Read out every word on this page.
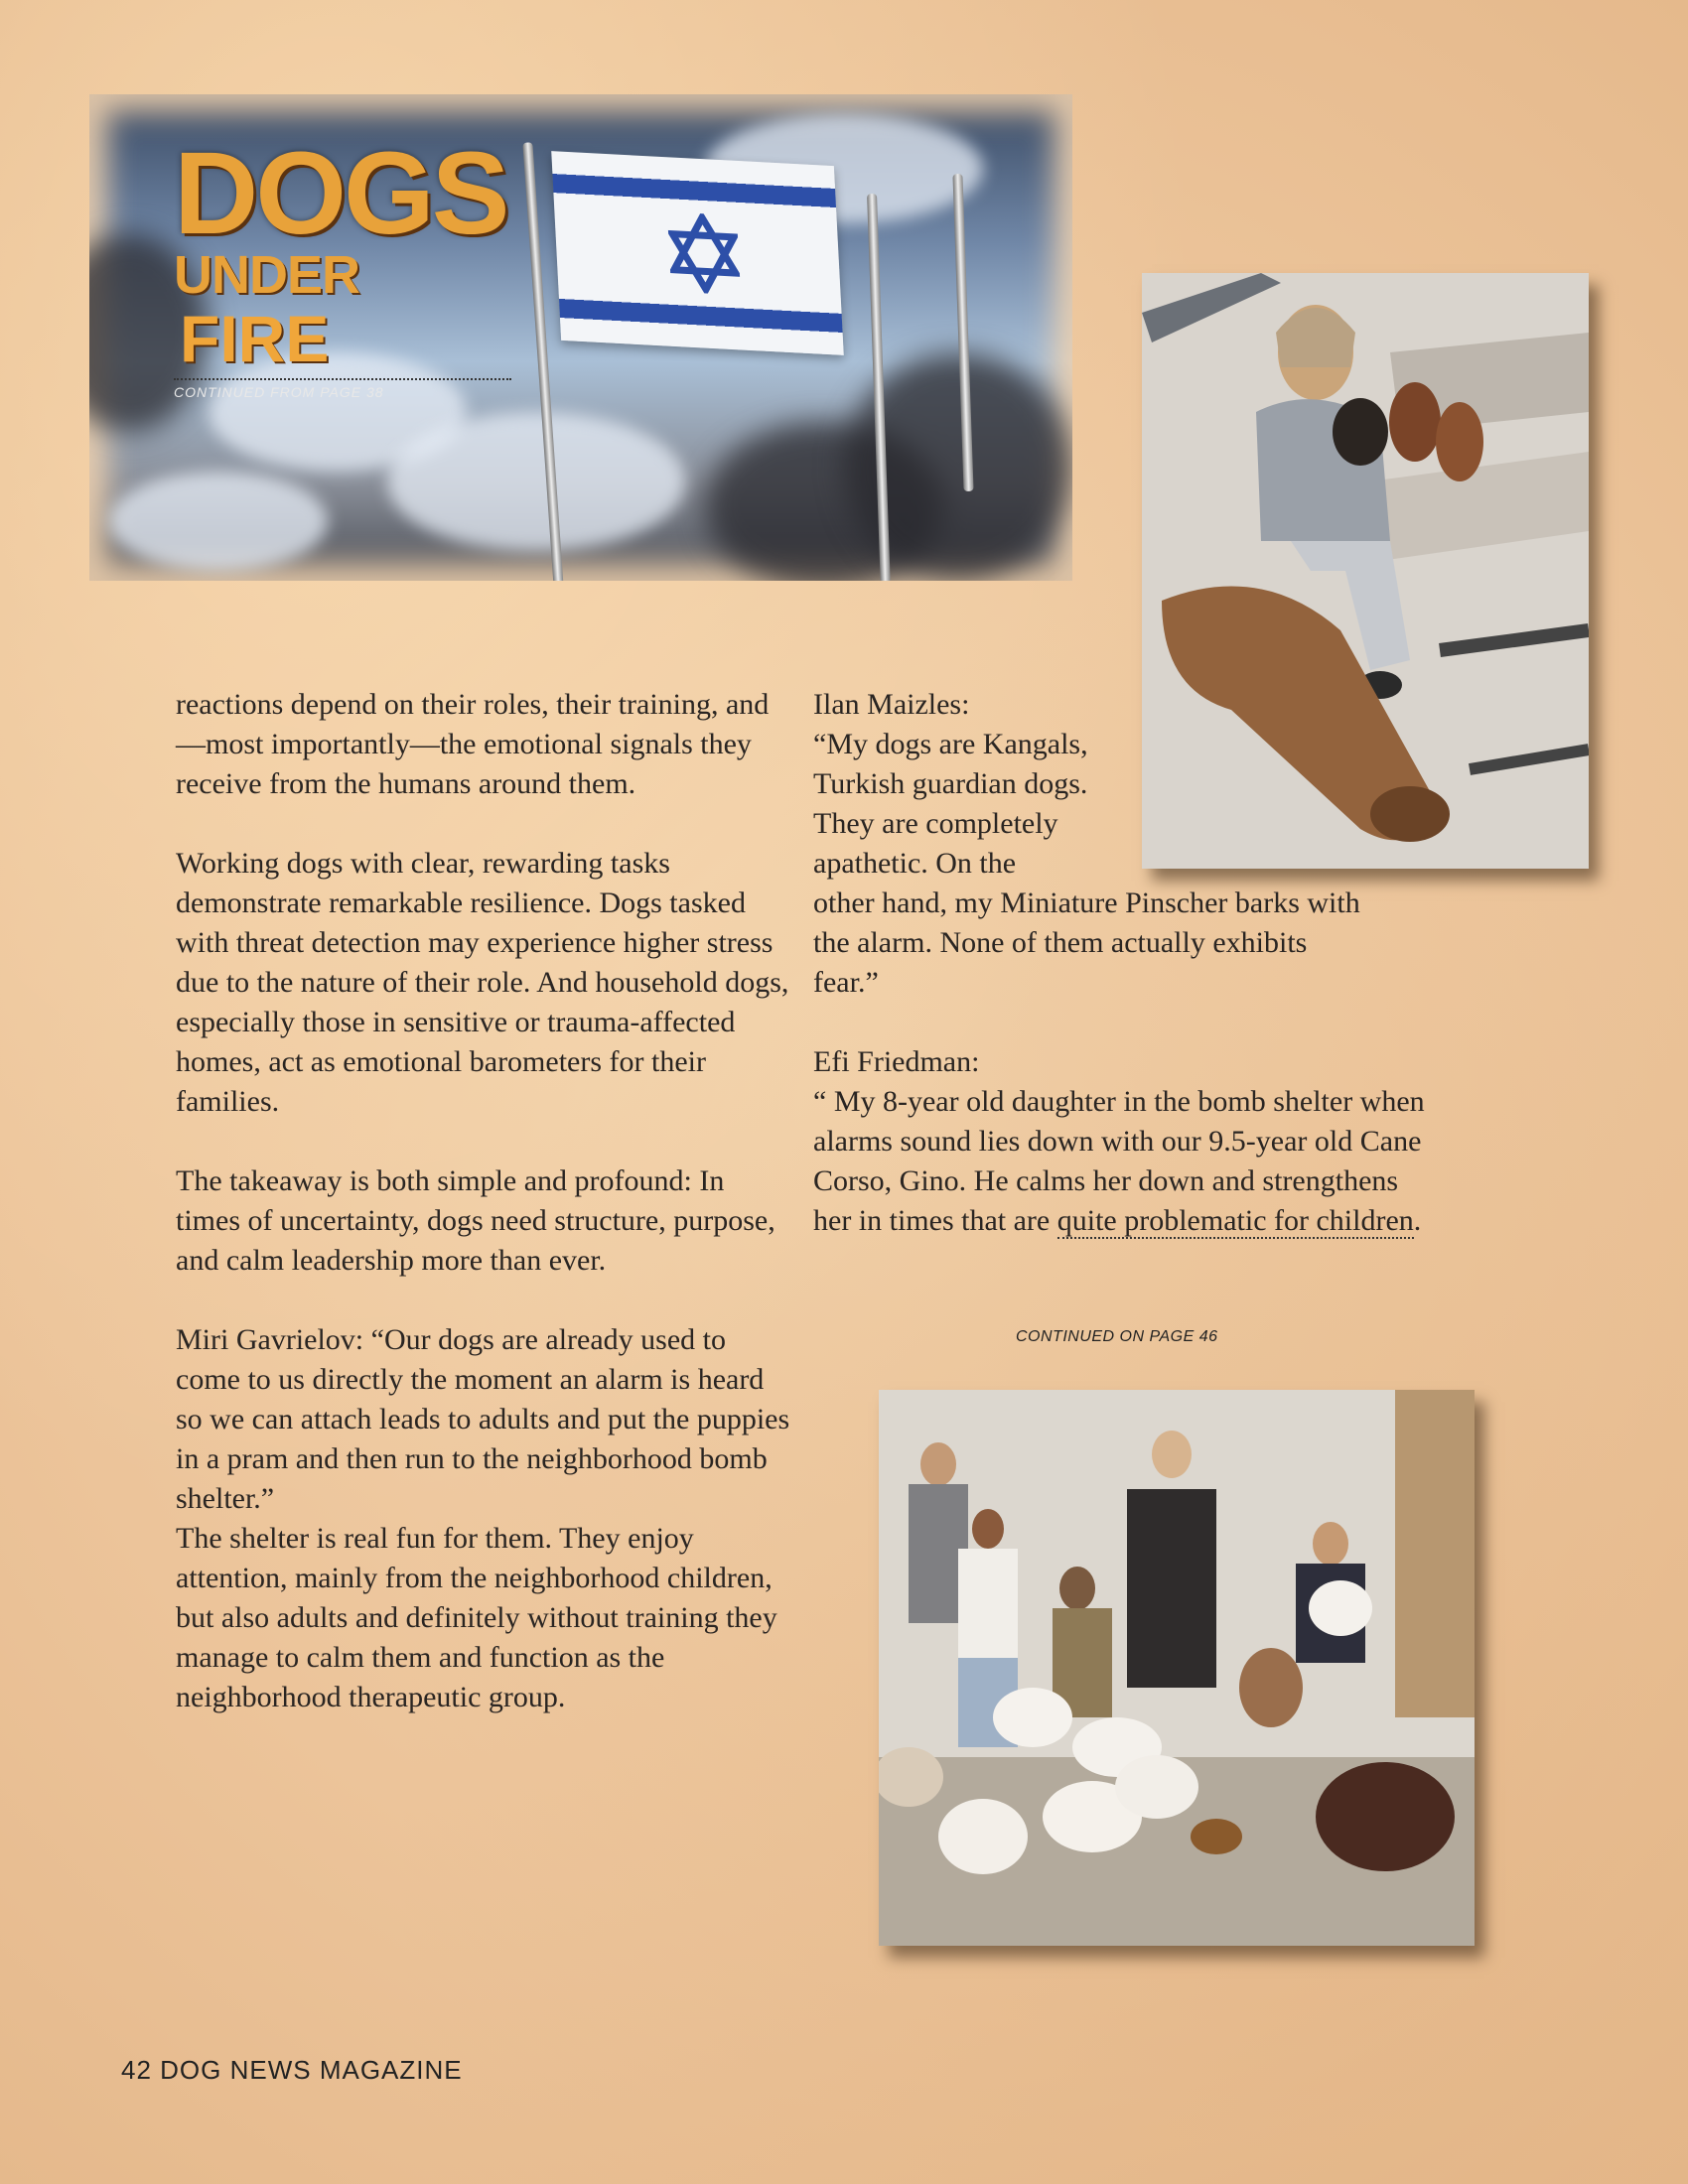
DOGS
UNDERFIRE
CONTINUED FROM PAGE 38

reactions depend on their roles, their training, and—most importantly—the emotional signals they receive from the humans around them.

Working dogs with clear, rewarding tasks demonstrate remarkable resilience. Dogs tasked with threat detection may experience higher stress due to the nature of their role. And household dogs, especially those in sensitive or trauma-affected homes, act as emotional barometers for their families.

The takeaway is both simple and profound: In times of uncertainty, dogs need structure, purpose, and calm leadership more than ever.

Miri Gavrielov: “Our dogs are already used to come to us directly the moment an alarm is heard so we can attach leads to adults and put the puppies in a pram and then run to the neighborhood bomb shelter.”

The shelter is real fun for them. They enjoy attention, mainly from the neighborhood children, but also adults and definitely without training they manage to calm them and function as the neighborhood therapeutic group.

Ilan Maizles:

“My dogs are Kangals, Turkish guardian dogs. They are completely apathetic. On the

other hand, my Miniature Pinscher barks with the alarm. None of them actually exhibits fear.”

Efi Friedman:

“ My 8-year old daughter in the bomb shelter when alarms sound lies down with our 9.5-year old Cane Corso, Gino. He calms her down and strengthens her in times that are quite problematic for children.

CONTINUED ON PAGE 46
42 DOG NEWS MAGAZINE
